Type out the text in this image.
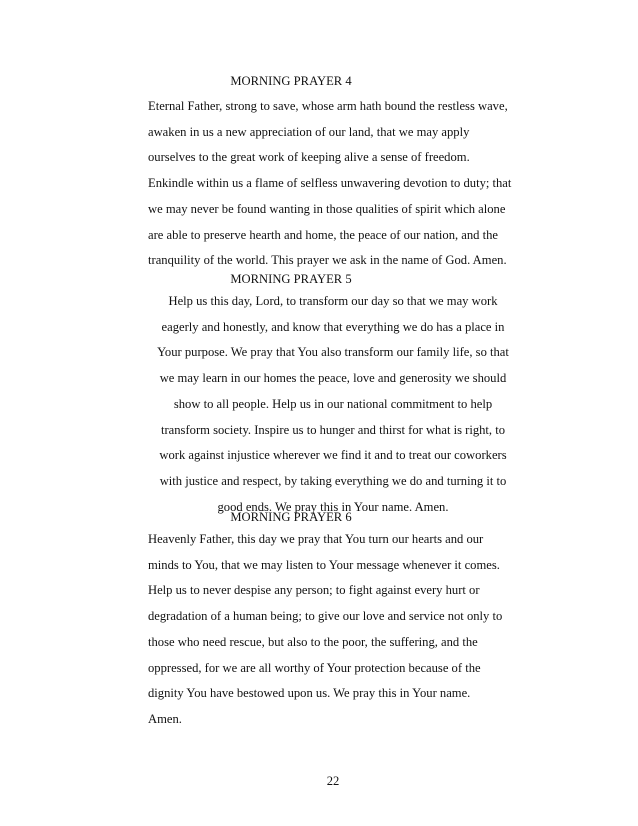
MORNING PRAYER 4
Eternal Father, strong to save, whose arm hath bound the restless wave,
awaken in us a new appreciation of our land, that we may apply
ourselves to the great work of keeping alive a sense of freedom.
Enkindle within us a flame of selfless unwavering devotion to duty; that
we may never be found wanting in those qualities of spirit which alone
are able to preserve hearth and home, the peace of our nation, and the
tranquility of the world. This prayer we ask in the name of God. Amen.
MORNING PRAYER 5
Help us this day, Lord, to transform our day so that we may work
eagerly and honestly, and know that everything we do has a place in
Your purpose. We pray that You also transform our family life, so that
we may learn in our homes the peace, love and generosity we should
show to all people. Help us in our national commitment to help
transform society. Inspire us to hunger and thirst for what is right, to
work against injustice wherever we find it and to treat our coworkers
with justice and respect, by taking everything we do and turning it to
good ends. We pray this in Your name. Amen.
MORNING PRAYER 6
Heavenly Father, this day we pray that You turn our hearts and our
minds to You, that we may listen to Your message whenever it comes.
Help us to never despise any person; to fight against every hurt or
degradation of a human being; to give our love and service not only to
those who need rescue, but also to the poor, the suffering, and the
oppressed, for we are all worthy of Your protection because of the
dignity You have bestowed upon us. We pray this in Your name.
Amen.
22
